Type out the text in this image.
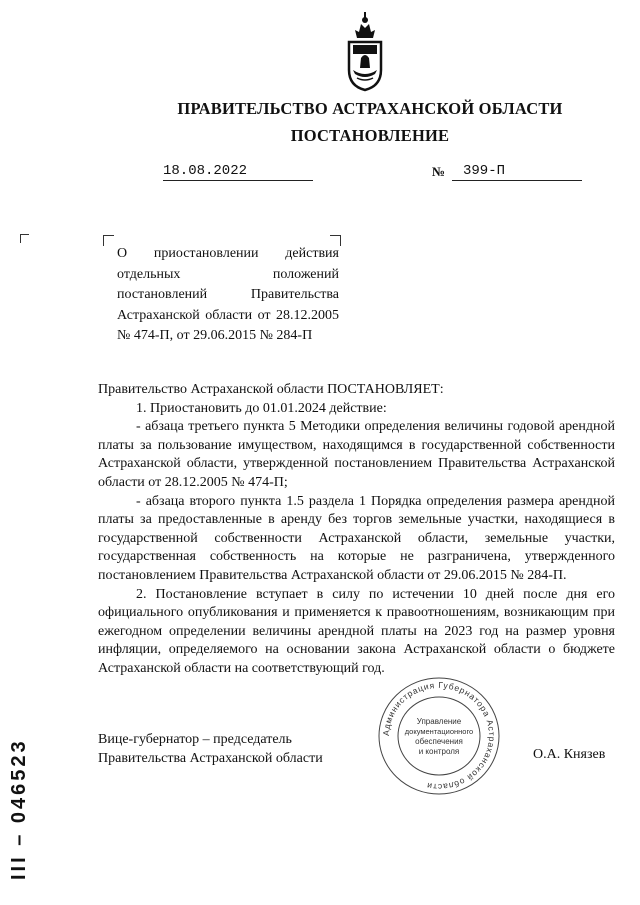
ПРАВИТЕЛЬСТВО АСТРАХАНСКОЙ ОБЛАСТИ
ПОСТАНОВЛЕНИЕ
18.08.2022	№ 399-П

О приостановлении действия отдельных положений постановлений Правительства Астраханской области от 28.12.2005 № 474-П, от 29.06.2015 № 284-П

Правительство Астраханской области ПОСТАНОВЛЯЕТ:

1. Приостановить до 01.01.2024 действие:

- абзаца третьего пункта 5 Методики определения величины годовой арендной платы за пользование имуществом, находящимся в государственной собственности Астраханской области, утвержденной постановлением Правительства Астраханской области от 28.12.2005 № 474-П;

- абзаца второго пункта 1.5 раздела 1 Порядка определения размера арендной платы за предоставленные в аренду без торгов земельные участки, находящиеся в государственной собственности Астраханской области, земельные участки, государственная собственность на которые не разграничена, утвержденного постановлением Правительства Астраханской области от 29.06.2015 № 284-П.

2. Постановление вступает в силу по истечении 10 дней после дня его официального опубликования и применяется к правоотношениям, возникающим при ежегодном определении величины арендной платы на 2023 год на размер уровня инфляции, определяемого на основании закона Астраханской области о бюджете Астраханской области на соответствующий год.

Вице-губернатор – председатель
Правительства Астраханской области	О.А. Князев
Администрация Губернатора Астраханской области
Управление
документационного
обеспечения
и контроля
III – 046523
